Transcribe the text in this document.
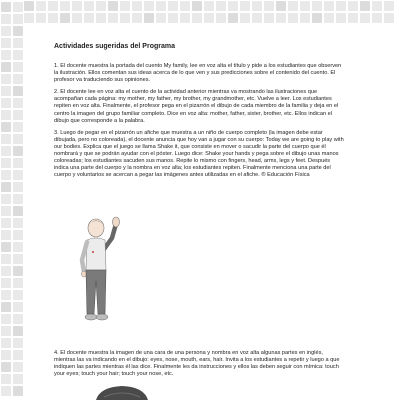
Actividades sugeridas del Programa

1. El docente muestra la portada del cuento My family, lee en voz alta el título y pide a los estudiantes que observen la ilustración. Ellos comentan sus ideas acerca de lo que ven y sus predicciones sobre el contenido del cuento. El profesor va traduciendo sus opiniones.

2. El docente lee en voz alta el cuento de la actividad anterior mientras va mostrando las ilustraciones que acompañan cada página: my mother, my father, my brother, my grandmother, etc. Vuelve a leer. Los estudiantes repiten en voz alta. Finalmente, el profesor pega en el pizarrón el dibujo de cada miembro de la familia y deja en el centro la imagen del grupo familiar completo. Dice en voz alta: mother, father, sister, brother, etc. Ellos indican el dibujo que corresponde a la palabra.

3. Luego de pegar en el pizarrón un afiche que muestra a un niño de cuerpo completo (la imagen debe estar dibujada, pero no coloreada), el docente anuncia que hoy van a jugar con su cuerpo: Today we are going to play with our bodies. Explica que el juego se llama Shake it, que consiste en mover o sacudir la parte del cuerpo que él nombrará y que se podrán ayudar con el póster. Luego dice: Shake your hands y pega sobre el dibujo unas manos coloreadas; los estudiantes sacuden sus manos. Repite lo mismo con fingers, head, arms, legs y feet. Después indica una parte del cuerpo y la nombra en voz alta; los estudiantes repiten. Finalmente menciona una parte del cuerpo y voluntarios se acercan a pegar las imágenes antes utilizadas en el afiche. ® Educación Física

4. El docente muestra la imagen de una cara de una persona y nombra en voz alta algunas partes en inglés, mientras las va indicando en el dibujo: eyes, nose, mouth, ears, hair. Invita a los estudiantes a repetir y luego a que indiquen las partes mientras él las dice. Finalmente les da instrucciones y ellos las deben seguir con mímica: touch your eyes; touch your hair; touch your nose, etc.
